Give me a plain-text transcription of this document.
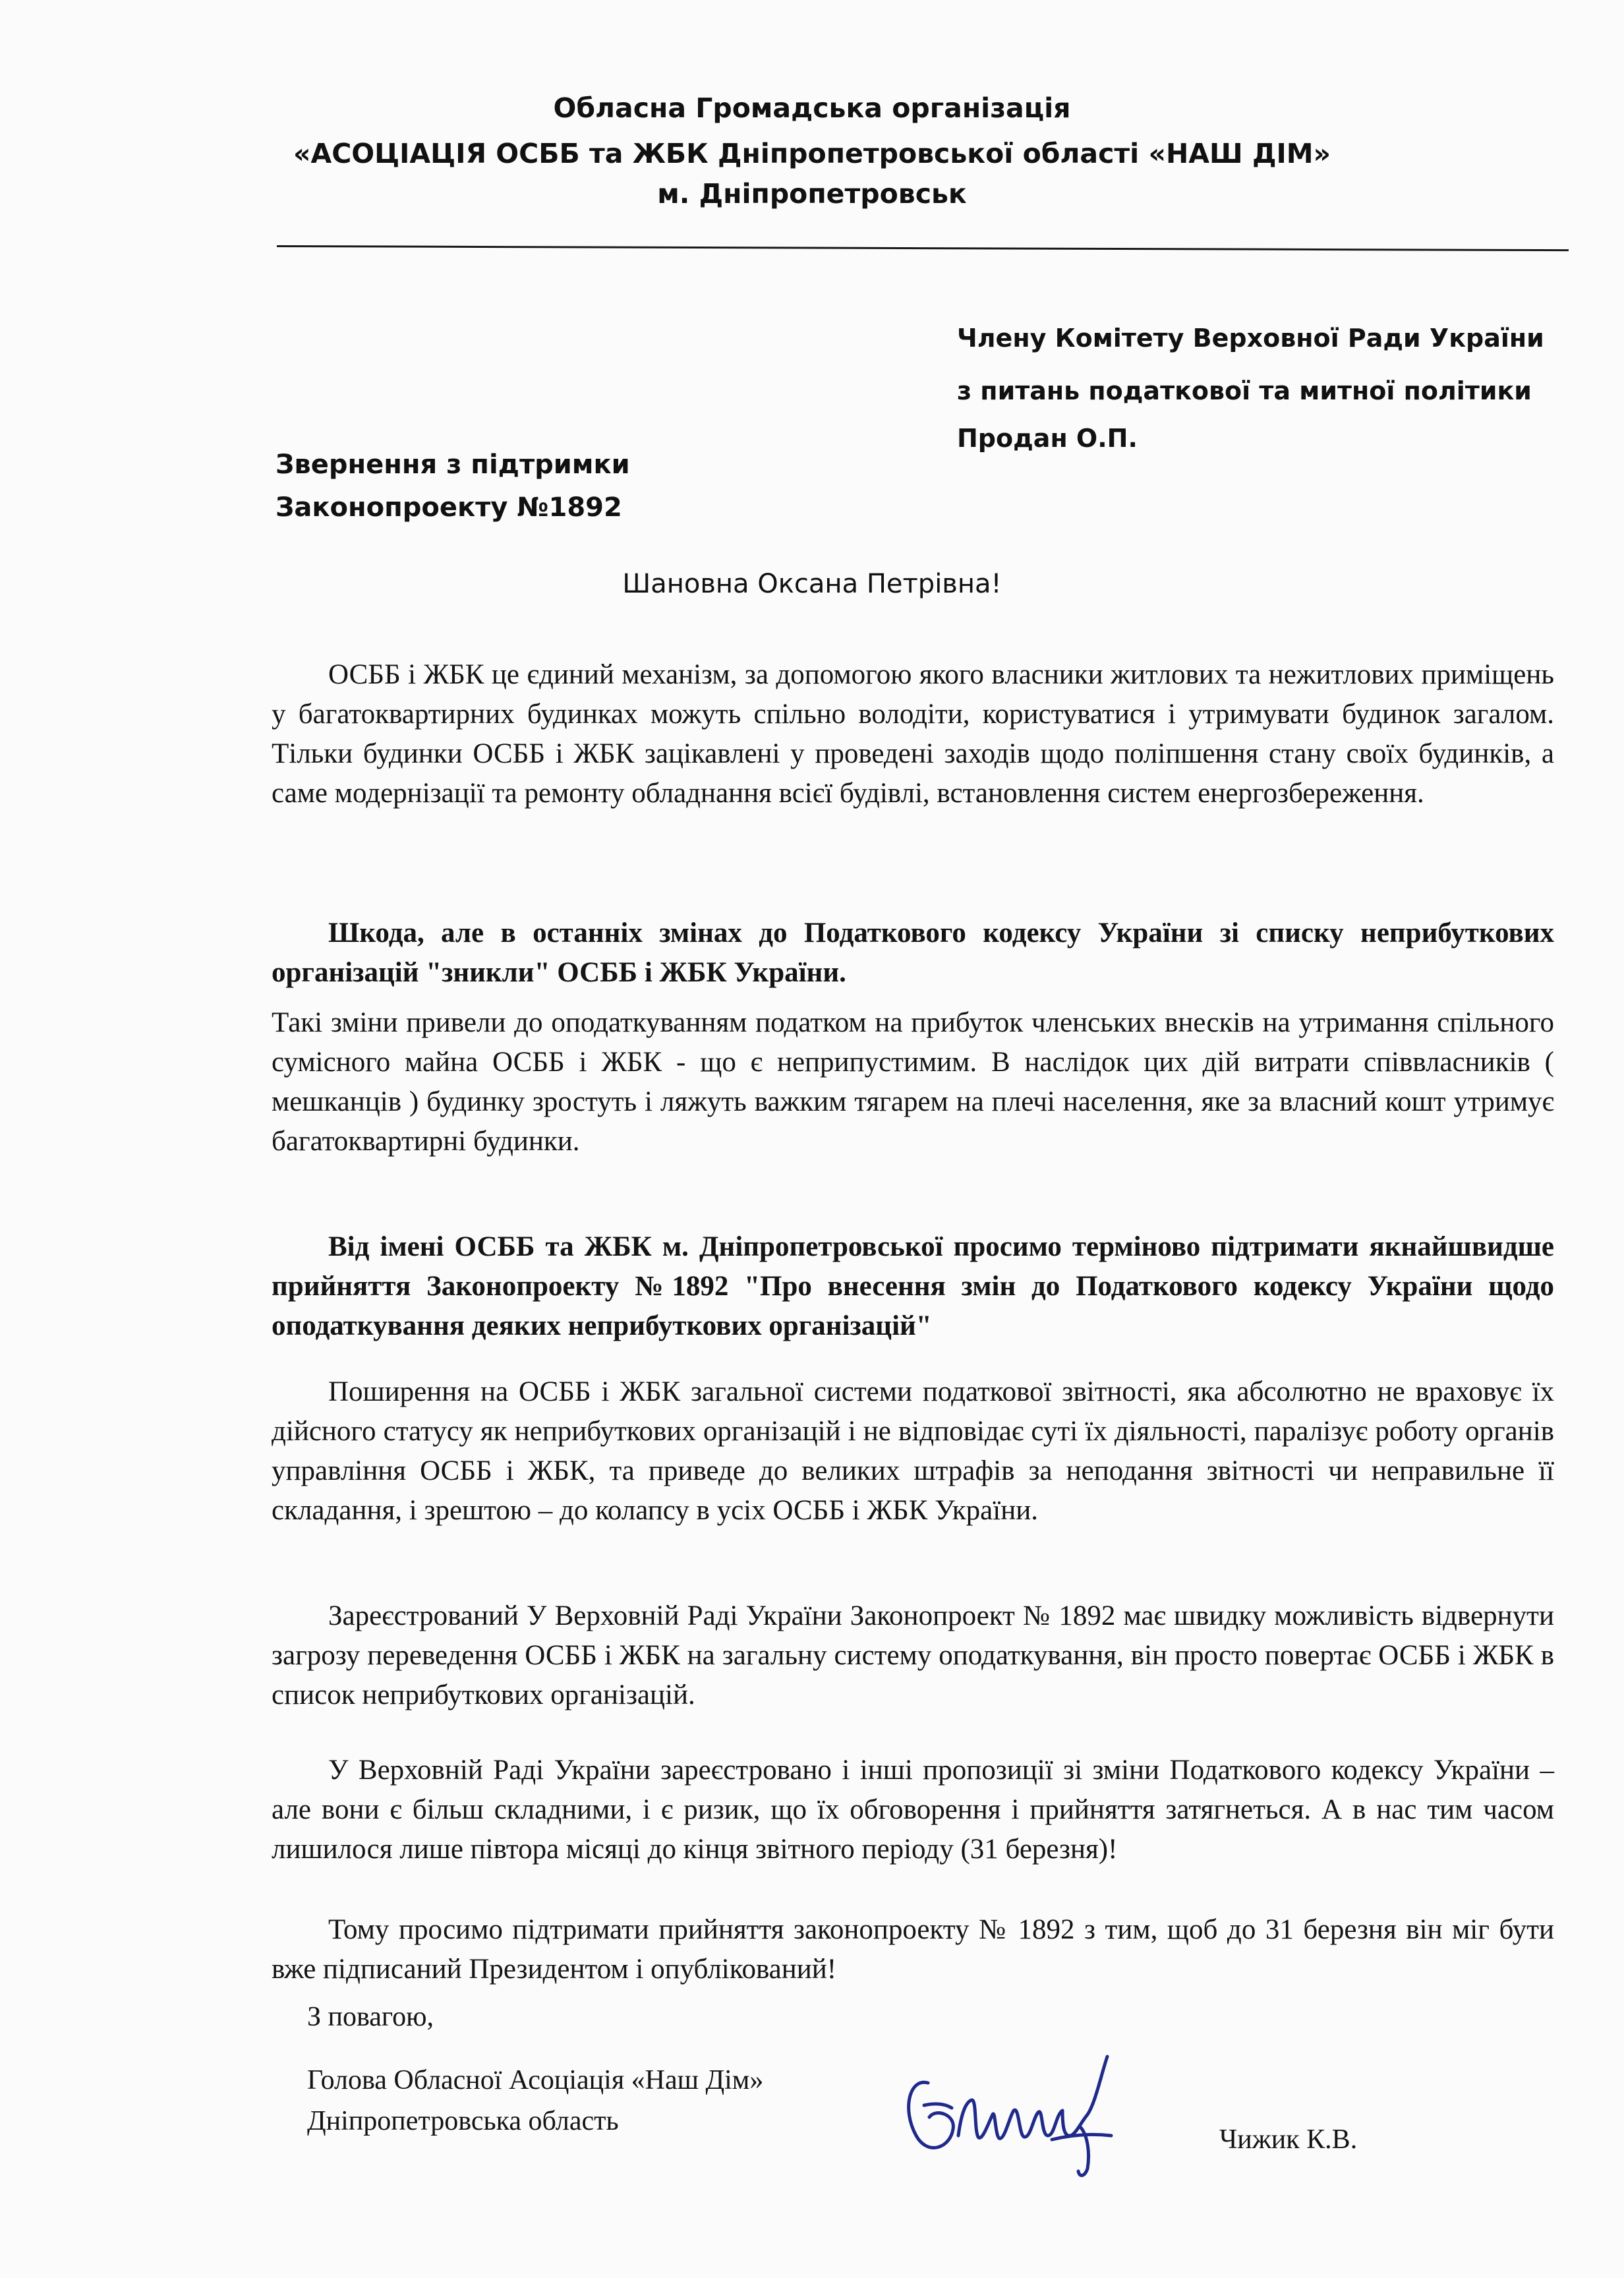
Обласна Громадська організація
«АСОЦІАЦІЯ ОСББ та ЖБК Дніпропетровської області «НАШ ДІМ»
м. Дніпропетровськ
Члену Комітету Верховної Ради України
з питань податкової та митної політики
Продан О.П.
Звернення з підтримки
Законопроекту №1892
Шановна Оксана Петрівна!
ОСББ і ЖБК це єдиний механізм, за допомогою якого власники житлових та нежитлових приміщень у багатоквартирних будинках можуть спільно володіти, користуватися і утримувати будинок загалом. Тільки будинки ОСББ і ЖБК зацікавлені у проведені заходів щодо поліпшення стану своїх будинків, а саме модернізації та ремонту обладнання всієї будівлі, встановлення систем енергозбереження.
Шкода, але в останніх змінах до Податкового кодексу України зі списку неприбуткових організацій "зникли" ОСББ і ЖБК України.
Такі зміни привели до оподаткуванням податком на прибуток членських внесків на утримання спільного сумісного майна ОСББ і ЖБК - що є неприпустимим. В наслідок цих дій витрати співвласників ( мешканців ) будинку зростуть і ляжуть важким тягарем на плечі населення, яке за власний кошт утримує багатоквартирні будинки.
Від імені ОСББ та ЖБК м. Дніпропетровської просимо терміново підтримати якнайшвидше прийняття Законопроекту №1892 "Про внесення змін до Податкового кодексу України щодо оподаткування деяких неприбуткових організацій"
Поширення на ОСББ і ЖБК загальної системи податкової звітності, яка абсолютно не враховує їх дійсного статусу як неприбуткових організацій і не відповідає суті їх діяльності, паралізує роботу органів управління ОСББ і ЖБК, та приведе до великих штрафів за неподання звітності чи неправильне її складання, і зрештою – до колапсу в усіх ОСББ і ЖБК України.
Зареєстрований У Верховній Раді України Законопроект № 1892 має швидку можливість відвернути загрозу переведення ОСББ і ЖБК на загальну систему оподаткування, він просто повертає ОСББ і ЖБК в список неприбуткових організацій.
У Верховній Раді України зареєстровано і інші пропозиції зі зміни Податкового кодексу України – але вони є більш складними, і є ризик, що їх обговорення і прийняття затягнеться. А в нас тим часом лишилося лише півтора місяці до кінця звітного періоду (31 березня)!
Тому просимо підтримати прийняття законопроекту № 1892 з тим, щоб до 31 березня він міг бути вже підписаний Президентом і опублікований!
З повагою,
Голова Обласної Асоціація «Наш Дім»
Дніпропетровська область
Чижик К.В.
